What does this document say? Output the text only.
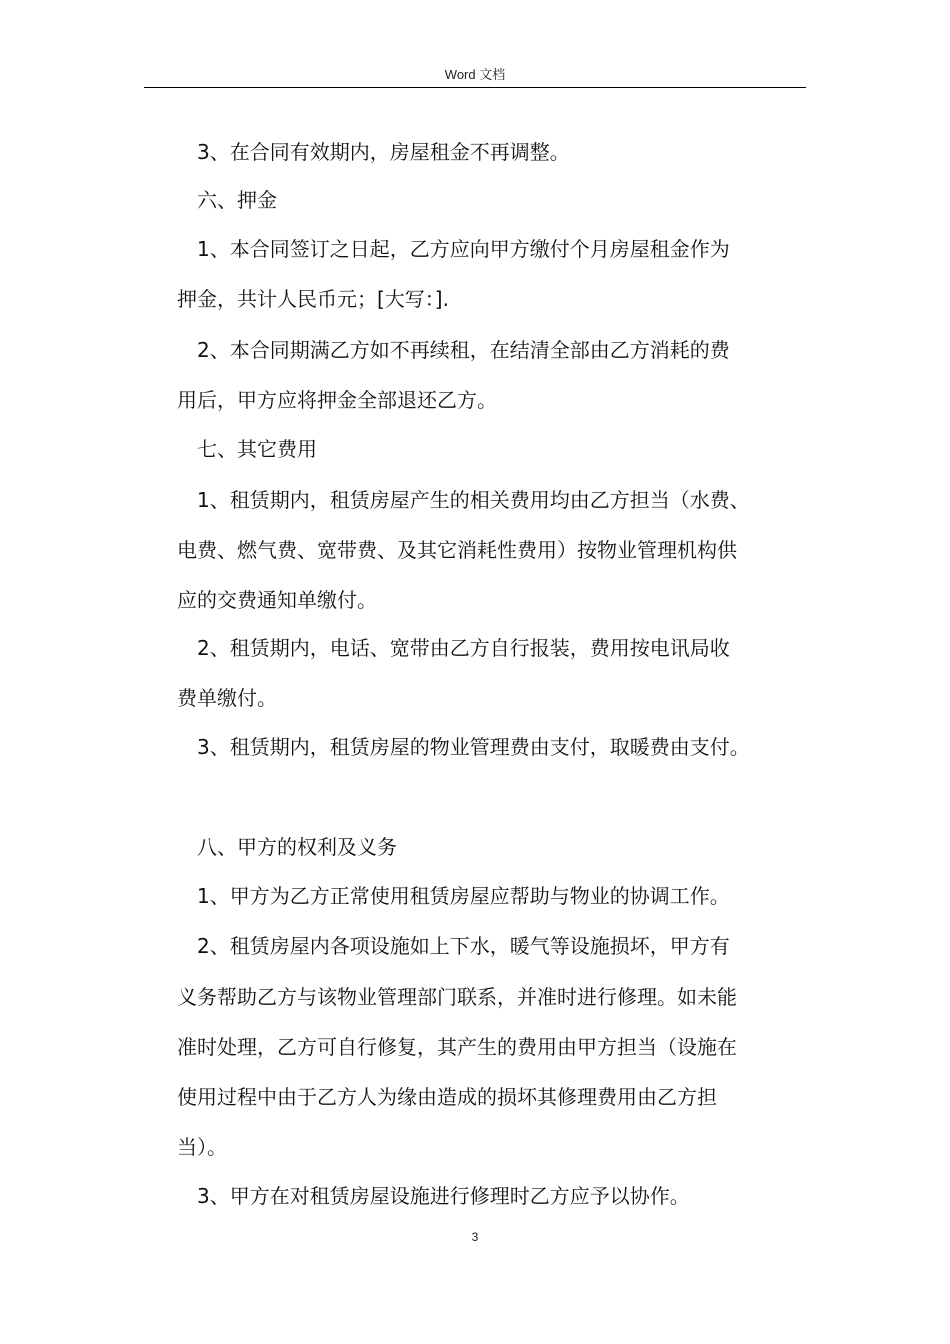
Word 文档
3、在合同有效期内，房屋租金不再调整。
六、押金
1、本合同签订之日起，乙方应向甲方缴付个月房屋租金作为
押金，共计人民币元；[大写：].
2、本合同期满乙方如不再续租，在结清全部由乙方消耗的费
用后，甲方应将押金全部退还乙方。
七、其它费用
1、租赁期内，租赁房屋产生的相关费用均由乙方担当（水费、
电费、燃气费、宽带费、及其它消耗性费用）按物业管理机构供
应的交费通知单缴付。
2、租赁期内，电话、宽带由乙方自行报装，费用按电讯局收
费单缴付。
3、租赁期内，租赁房屋的物业管理费由支付，取暖费由支付。
八、甲方的权利及义务
1、甲方为乙方正常使用租赁房屋应帮助与物业的协调工作。
2、租赁房屋内各项设施如上下水，暖气等设施损坏，甲方有
义务帮助乙方与该物业管理部门联系，并准时进行修理。如未能
准时处理，乙方可自行修复，其产生的费用由甲方担当（设施在
使用过程中由于乙方人为缘由造成的损坏其修理费用由乙方担
当）。
3、甲方在对租赁房屋设施进行修理时乙方应予以协作。
3
